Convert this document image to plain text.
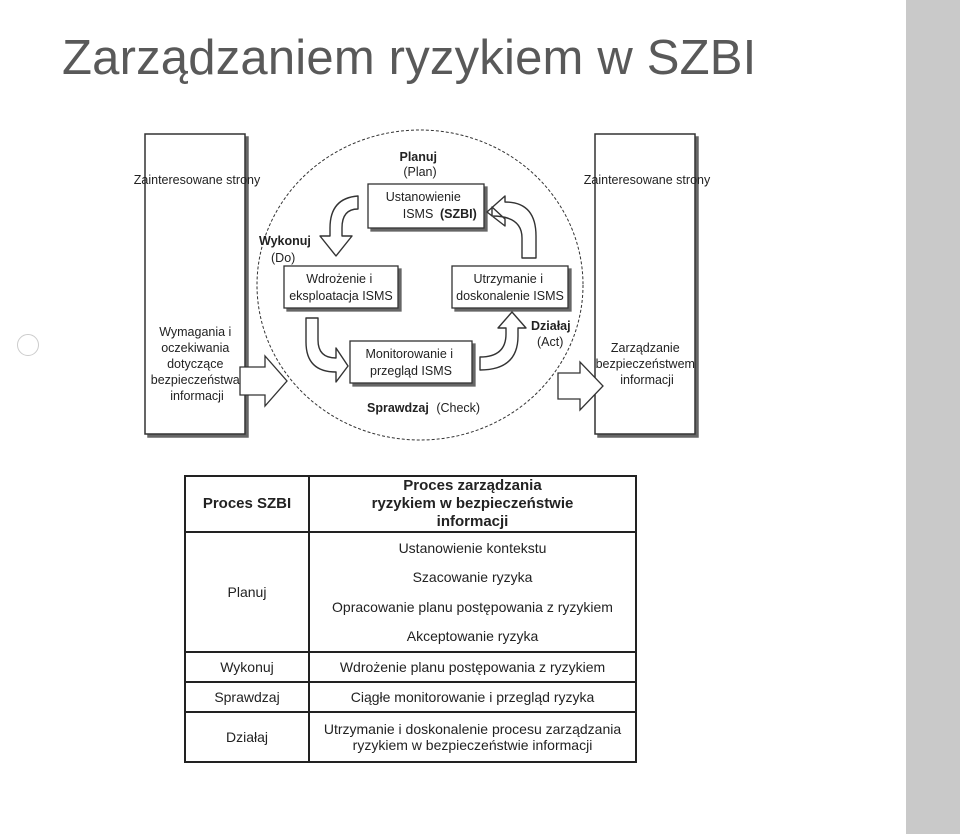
Zarządzaniem ryzykiem w SZBI
Zainteresowane strony
Wymagania i oczekiwania dotyczące bezpieczeństwa informacji
Zainteresowane strony
Zarządzanie bezpieczeństwem informacji
Planuj (Plan)
Wykonuj (Do)
Sprawdzaj (Check)
Działaj (Act)
Ustanowienie ISMS (SZBI)
Wdrożenie i eksploatacja ISMS
Utrzymanie i doskonalenie ISMS
Monitorowanie i przegląd ISMS
Proces SZBI	Proces zarządzania ryzykiem w bezpieczeństwie informacji
Planuj	Ustanowienie kontekstu
Szacowanie ryzyka
Opracowanie planu postępowania z ryzykiem
Akceptowanie ryzyka

Wykonuj	Wdrożenie planu postępowania z ryzykiem
Sprawdzaj	Ciągłe monitorowanie i przegląd ryzyka
Działaj	Utrzymanie i doskonalenie procesu zarządzania
ryzykiem w bezpieczeństwie informacji
